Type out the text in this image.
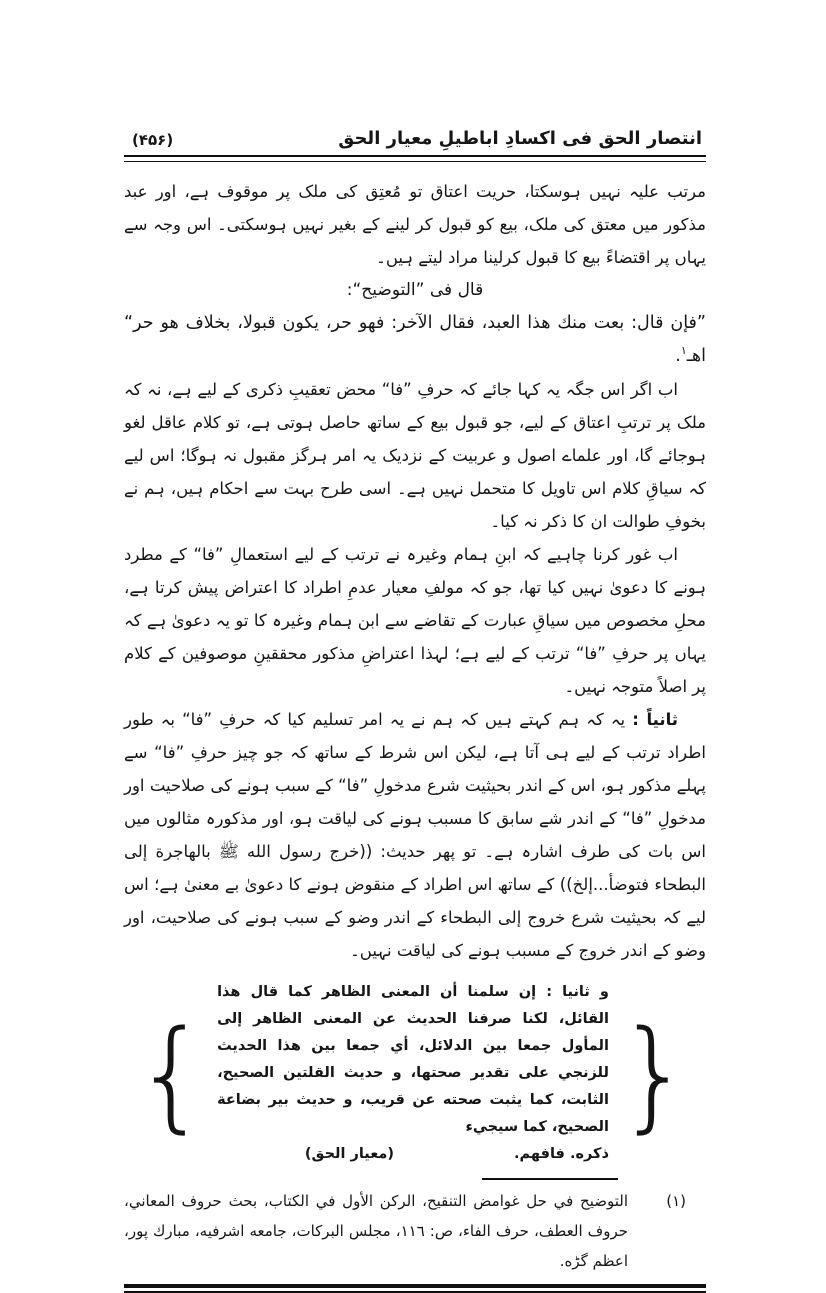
انتصار الحق فی اکسادِ اباطیلِ معیار الحق
(۴۵۶)

مرتب علیہ نہیں ہوسکتا، حریت اعتاق تو مُعتِق کی ملک پر موقوف ہے، اور عبد مذکور میں معتق کی ملک، بیع کو قبول کر لینے کے بغیر نہیں ہوسکتی۔ اس وجہ سے یہاں پر اقتضاءً بیع کا قبول کرلینا مراد لیتے ہیں۔

قال فی ”التوضیح“:

”فإن قال: بعت منك هذا العبد، فقال الآخر: فهو حر، يكون قبولا، بخلاف هو حر“ اهـ$^۱$.

اب اگر اس جگہ یہ کہا جائے کہ حرفِ ”فا“ محض تعقیبِ ذکری کے لیے ہے، نہ کہ ملک پر ترتبِ اعتاق کے لیے، جو قبول بیع کے ساتھ حاصل ہوتی ہے، تو کلام عاقل لغو ہوجائے گا، اور علماے اصول و عربیت کے نزدیک یہ امر ہرگز مقبول نہ ہوگا؛ اس لیے کہ سیاقِ کلام اس تاویل کا متحمل نہیں ہے۔ اسی طرح بہت سے احکام ہیں، ہم نے بخوفِ طوالت ان کا ذکر نہ کیا۔

اب غور کرنا چاہیے کہ ابنِ ہمام وغیرہ نے ترتب کے لیے استعمالِ ”فا“ کے مطرد ہونے کا دعویٰ نہیں کیا تھا، جو کہ مولفِ معیار عدمِ اطراد کا اعتراض پیش کرتا ہے، محلِ مخصوص میں سیاقِ عبارت کے تقاضے سے ابن ہمام وغیرہ کا تو یہ دعویٰ ہے کہ یہاں پر حرفِ ”فا“ ترتب کے لیے ہے؛ لہذا اعتراضِ مذکور محققینِ موصوفین کے کلام پر اصلاً متوجہ نہیں۔

ثانیاً : یہ کہ ہم کہتے ہیں کہ ہم نے یہ امر تسلیم کیا کہ حرفِ ”فا“ بہ طور اطراد ترتب کے لیے ہی آتا ہے، لیکن اس شرط کے ساتھ کہ جو چیز حرفِ ”فا“ سے پہلے مذکور ہو، اس کے اندر بحیثیت شرع مدخولِ ”فا“ کے سبب ہونے کی صلاحیت اور مدخولِ ”فا“ کے اندر شے سابق کا مسبب ہونے کی لیاقت ہو، اور مذکورہ مثالوں میں اس بات کی طرف اشارہ ہے۔ تو پھر حدیث: ((خرج رسول الله ﷺ بالهاجرة إلى البطحاء فتوضأ...إلخ)) کے ساتھ اس اطراد کے منقوض ہونے کا دعویٰ بے معنیٰ ہے؛ اس لیے کہ بحیثیت شرع خروج إلى البطحاء کے اندر وضو کے سبب ہونے کی صلاحیت، اور وضو کے اندر خروج کے مسبب ہونے کی لیاقت نہیں۔

{
و ثانيا : إن سلمنا أن المعنى الظاهر كما قال هذا القائل، لكنا صرفنا الحديث عن المعنى الظاهر إلى المأول جمعا بين الدلائل، أي جمعا بين هذا الحديث للزنجي على تقدير صحتها، و حديث القلتين الصحيح، الثابت، كما يثبت صحته عن قريب، و حديث بير بضاعة الصحيح، كما سيجيء
ذكره. فافهم.
(معيار الحق)
}
(١)
التوضيح في حل غوامض التنقيح، الركن الأول في الكتاب، بحث حروف المعاني، حروف العطف، حرف الفاء، ص: ١١٦، مجلس البركات، جامعه اشرفيه، مبارك پور، اعظم گڑه.
